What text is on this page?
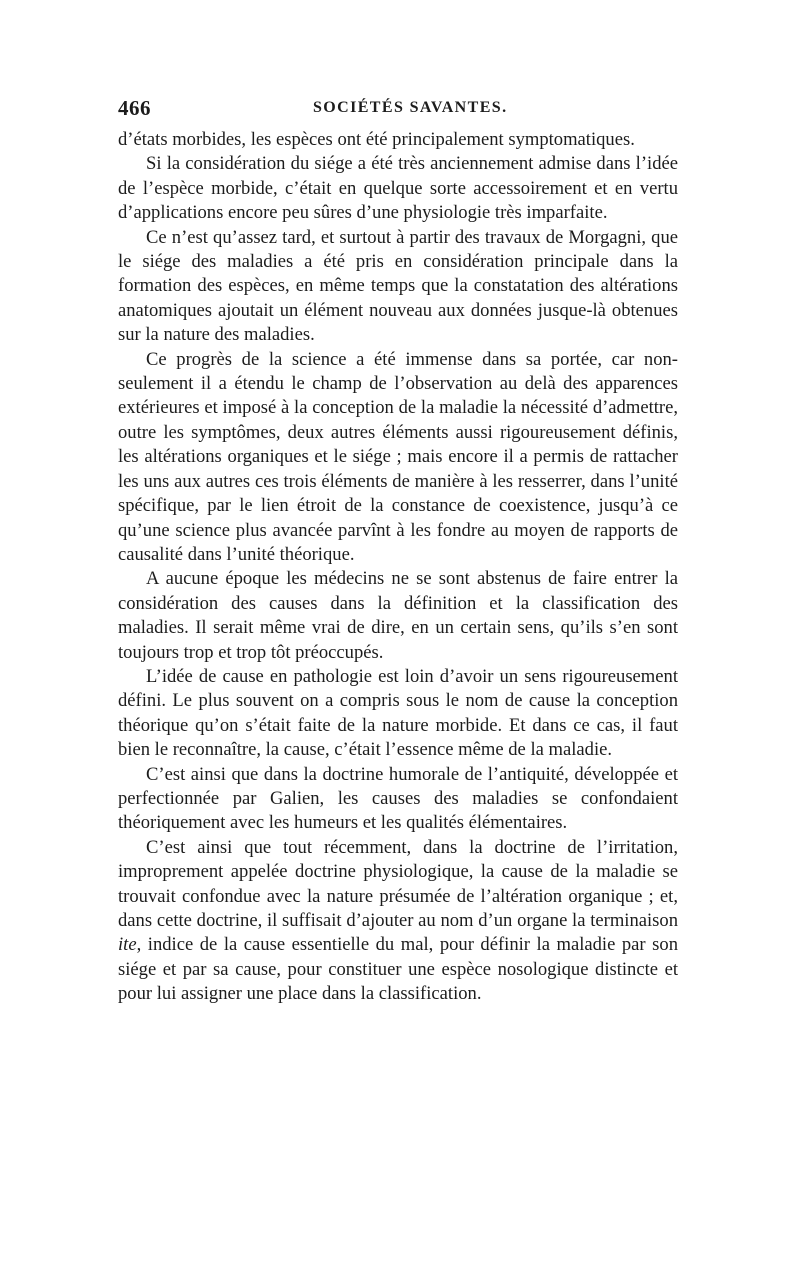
466	SOCIÉTÉS SAVANTES.

d’états morbides, les espèces ont été principalement symptomatiques.

Si la considération du siége a été très anciennement admise dans l’idée de l’espèce morbide, c’était en quelque sorte accessoirement et en vertu d’applications encore peu sûres d’une physiologie très imparfaite.

Ce n’est qu’assez tard, et surtout à partir des travaux de Morgagni, que le siége des maladies a été pris en considération principale dans la formation des espèces, en même temps que la constatation des altérations anatomiques ajoutait un élément nouveau aux données jusque-là obtenues sur la nature des maladies.

Ce progrès de la science a été immense dans sa portée, car non-seulement il a étendu le champ de l’observation au delà des apparences extérieures et imposé à la conception de la maladie la nécessité d’admettre, outre les symptômes, deux autres éléments aussi rigoureusement définis, les altérations organiques et le siége ; mais encore il a permis de rattacher les uns aux autres ces trois éléments de manière à les resserrer, dans l’unité spécifique, par le lien étroit de la constance de coexistence, jusqu’à ce qu’une science plus avancée parvînt à les fondre au moyen de rapports de causalité dans l’unité théorique.

A aucune époque les médecins ne se sont abstenus de faire entrer la considération des causes dans la définition et la classification des maladies. Il serait même vrai de dire, en un certain sens, qu’ils s’en sont toujours trop et trop tôt préoccupés.

L’idée de cause en pathologie est loin d’avoir un sens rigoureusement défini. Le plus souvent on a compris sous le nom de cause la conception théorique qu’on s’était faite de la nature morbide. Et dans ce cas, il faut bien le reconnaître, la cause, c’était l’essence même de la maladie.

C’est ainsi que dans la doctrine humorale de l’antiquité, développée et perfectionnée par Galien, les causes des maladies se confondaient théoriquement avec les humeurs et les qualités élémentaires.

C’est ainsi que tout récemment, dans la doctrine de l’irritation, improprement appelée doctrine physiologique, la cause de la maladie se trouvait confondue avec la nature présumée de l’altération organique ; et, dans cette doctrine, il suffisait d’ajouter au nom d’un organe la terminaison ite, indice de la cause essentielle du mal, pour définir la maladie par son siége et par sa cause, pour constituer une espèce nosologique distincte et pour lui assigner une place dans la classification.
